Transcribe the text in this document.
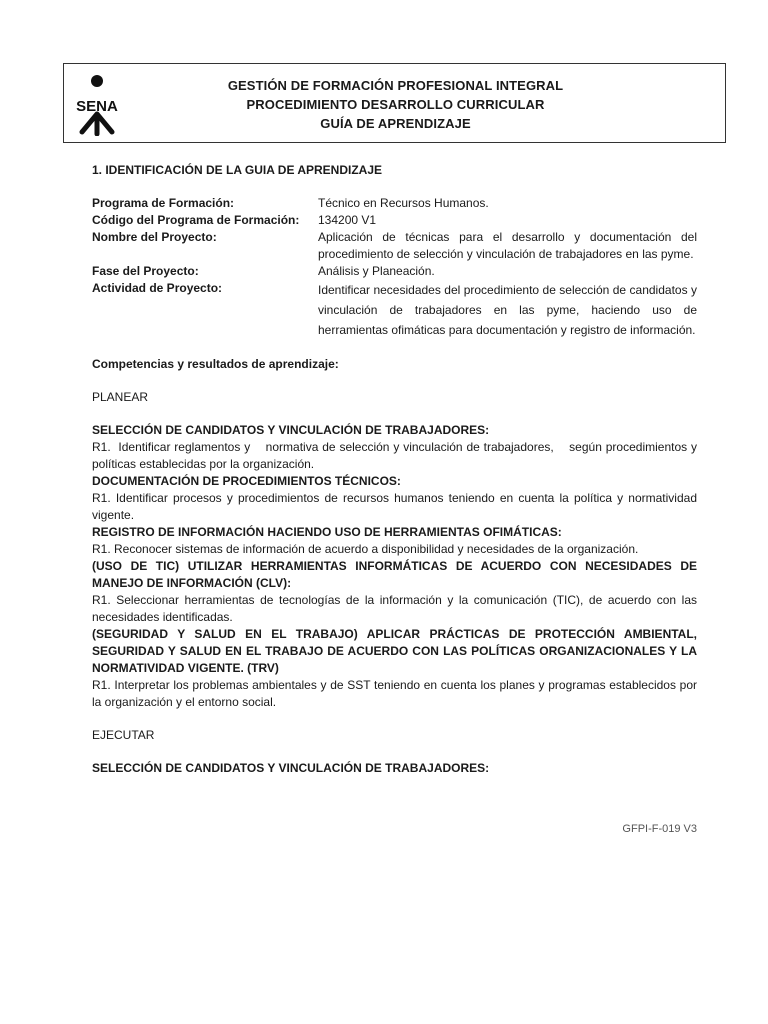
SENA
GESTIÓN DE FORMACIÓN PROFESIONAL INTEGRAL
PROCEDIMIENTO DESARROLLO CURRICULAR
GUÍA DE APRENDIZAJE
1. IDENTIFICACIÓN DE LA GUIA DE APRENDIZAJE
Programa de Formación:	Técnico en Recursos Humanos.
Código del Programa de Formación:	134200 V1
Nombre del Proyecto:	Aplicación de técnicas para el desarrollo y documentación del procedimiento de selección y vinculación de trabajadores en las pyme.
Fase del Proyecto:	Análisis y Planeación.
Actividad de Proyecto:	Identificar necesidades del procedimiento de selección de candidatos y vinculación de trabajadores en las pyme, haciendo uso de herramientas ofimáticas para documentación y registro de información.
Competencias y resultados de aprendizaje:
PLANEAR
SELECCIÓN DE CANDIDATOS Y VINCULACIÓN DE TRABAJADORES:
R1.  Identificar reglamentos y    normativa de selección y vinculación de trabajadores,    según procedimientos y políticas establecidas por la organización.
DOCUMENTACIÓN DE PROCEDIMIENTOS TÉCNICOS:
R1. Identificar procesos y procedimientos de recursos humanos teniendo en cuenta la política y normatividad vigente.
REGISTRO DE INFORMACIÓN HACIENDO USO DE HERRAMIENTAS OFIMÁTICAS:
R1. Reconocer sistemas de información de acuerdo a disponibilidad y necesidades de la organización.
(USO DE TIC) UTILIZAR HERRAMIENTAS INFORMÁTICAS DE ACUERDO CON NECESIDADES DE MANEJO DE INFORMACIÓN (CLV):
R1. Seleccionar herramientas de tecnologías de la información y la comunicación (TIC), de acuerdo con las necesidades identificadas.
(SEGURIDAD Y SALUD EN EL TRABAJO) APLICAR PRÁCTICAS DE PROTECCIÓN AMBIENTAL, SEGURIDAD Y SALUD EN EL TRABAJO DE ACUERDO CON LAS POLÍTICAS ORGANIZACIONALES Y LA NORMATIVIDAD VIGENTE. (TRV)
R1. Interpretar los problemas ambientales y de SST teniendo en cuenta los planes y programas establecidos por la organización y el entorno social.
EJECUTAR
SELECCIÓN DE CANDIDATOS Y VINCULACIÓN DE TRABAJADORES:
GFPI-F-019 V3
